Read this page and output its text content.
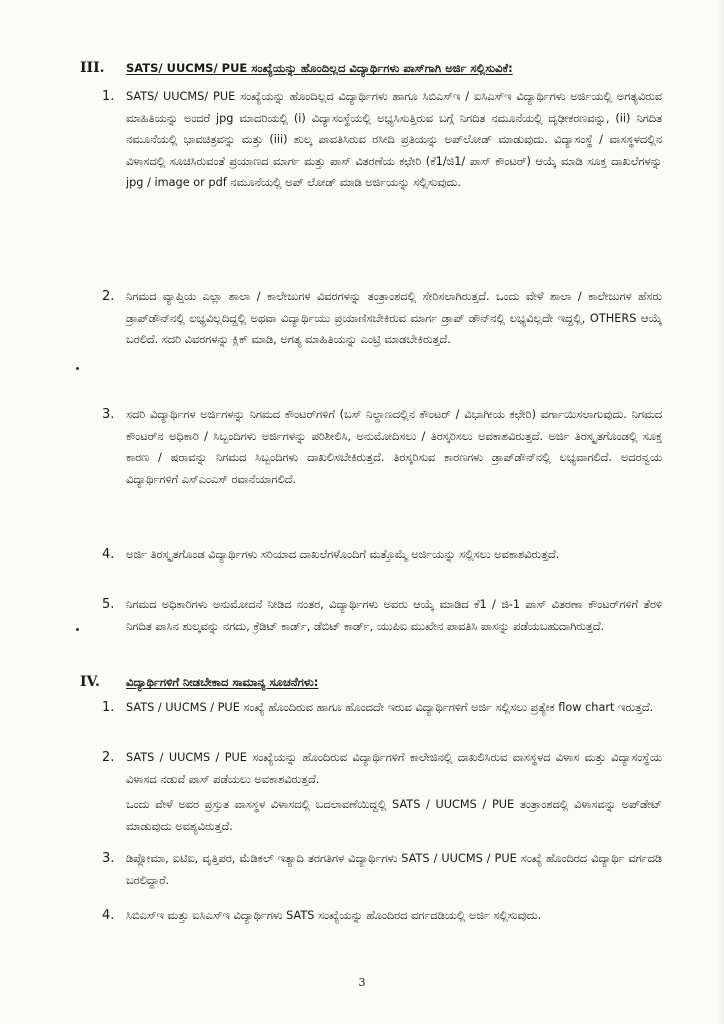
III.	SATS/ UUCMS/ PUE ಸಂಖ್ಯೆಯನ್ನು ಹೊಂದಿಲ್ಲದ ವಿದ್ಯಾರ್ಥಿಗಳು ಪಾಸ್‌ಗಾಗಿ ಅರ್ಜಿ ಸಲ್ಲಿಸುವಿಕೆ:
1.	SATS/ UUCMS/ PUE ಸಂಖ್ಯೆಯನ್ನು ಹೊಂದಿಲ್ಲದ ವಿದ್ಯಾರ್ಥಿಗಳು ಹಾಗೂ ಸಿಬಿಎಸ್‌ಇ / ಐಸಿಎಸ್‌ಇ ವಿದ್ಯಾರ್ಥಿಗಳು ಅರ್ಜಿಯಲ್ಲಿ ಅಗತ್ಯವಿರುವ ಮಾಹಿತಿಯನ್ನು ಅಂದರೆ jpg ಮಾದರಿಯಲ್ಲಿ (i) ವಿದ್ಯಾಸಂಸ್ಥೆಯಲ್ಲಿ ಅಭ್ಯಸಿಸುತ್ತಿರುವ ಬಗ್ಗೆ ನಿಗದಿತ ನಮೂನೆಯಲ್ಲಿ ದೃಢೀಕರಣವನ್ನು, (ii) ನಿಗದಿತ ನಮೂನೆಯಲ್ಲಿ ಭಾವಚಿತ್ರವನ್ನು ಮತ್ತು (iii) ಶುಲ್ಕ ಪಾವತಿಸಿರುವ ರಸೀದಿ ಪ್ರತಿಯನ್ನು ಅಪ್‌ಲೋಡ್ ಮಾಡುವುದು. ವಿದ್ಯಾಸಂಸ್ಥೆ / ವಾಸಸ್ಥಳದಲ್ಲಿನ ವಿಳಾಸದಲ್ಲಿ ಸೂಚಿಸಿರುವಂತೆ ಪ್ರಯಾಣದ ಮಾರ್ಗ ಮತ್ತು ಪಾಸ್ ವಿತರಣೆಯ ಕಛೇರಿ (ಕೆ1/ಜಿ1/ ಪಾಸ್ ಕೌಂಟರ್) ಆಯ್ಕೆ ಮಾಡಿ ಸೂಕ್ತ ದಾಖಲೆಗಳನ್ನು jpg / image or pdf ನಮೂನೆಯಲ್ಲಿ ಅಪ್ ಲೋಡ್ ಮಾಡಿ ಅರ್ಜಿಯನ್ನು ಸಲ್ಲಿಸುವುದು.

2.	ನಿಗಮದ ವ್ಯಾಪ್ತಿಯ ಎಲ್ಲಾ ಶಾಲಾ / ಕಾಲೇಜುಗಳ ವಿವರಗಳನ್ನು ತಂತ್ರಾಂಶದಲ್ಲಿ ಸೇರಿಸಲಾಗಿರುತ್ತದೆ. ಒಂದು ವೇಳೆ ಶಾಲಾ / ಕಾಲೇಜುಗಳ ಹೆಸರು ಡ್ರಾಪ್‌ಡೌನ್‌ನಲ್ಲಿ ಲಭ್ಯವಿಲ್ಲದಿದ್ದಲ್ಲಿ ಅಥವಾ ವಿದ್ಯಾರ್ಥಿಯು ಪ್ರಯಾಣಿಸಬೇಕಿರುವ ಮಾರ್ಗ ಡ್ರಾಪ್ ಡೌನ್‌ನಲ್ಲಿ ಲಭ್ಯವಿಲ್ಲದೇ ಇದ್ದಲ್ಲಿ, OTHERS ಆಯ್ಕೆ ಬರಲಿದೆ. ಸದರಿ ವಿವರಗಳನ್ನು ಕ್ಲಿಕ್ ಮಾಡಿ, ಅಗತ್ಯ ಮಾಹಿತಿಯನ್ನು ಎಂಟ್ರಿ ಮಾಡಬೇಕಿರುತ್ತದೆ.

3.	ಸದರಿ ವಿದ್ಯಾರ್ಥಿಗಳ ಅರ್ಜಿಗಳನ್ನು ನಿಗಮದ ಕೌಂಟರ್‌ಗಳಿಗೆ (ಬಸ್ ನಿಲ್ದಾಣದಲ್ಲಿನ ಕೌಂಟರ್ / ವಿಭಾಗೀಯ ಕಛೇರಿ) ವರ್ಗಾಯಿಸಲಾಗುವುದು. ನಿಗಮದ ಕೌಂಟರ್‌ನ ಅಧಿಕಾರಿ / ಸಿಬ್ಬಂದಿಗಳು ಅರ್ಜಿಗಳನ್ನು ಪರಿಶೀಲಿಸಿ, ಅನುಮೋದಿಸಲು / ತಿರಸ್ಕರಿಸಲು ಅವಕಾಶವಿರುತ್ತದೆ. ಅರ್ಜಿ ತಿರಸ್ಕೃತಗೊಂಡಲ್ಲಿ ಸೂಕ್ತ ಕಾರಣ / ಷರಾವನ್ನು ನಿಗಮದ ಸಿಬ್ಬಂದಿಗಳು ದಾಖಲಿಸಬೇಕಿರುತ್ತದೆ. ತಿರಸ್ಕರಿಸುವ ಕಾರಣಗಳು ಡ್ರಾಪ್‌ಡೌನ್‌ನಲ್ಲಿ ಲಭ್ಯವಾಗಲಿದೆ. ಅದರನ್ವಯ ವಿದ್ಯಾರ್ಥಿಗಳಿಗೆ ಎಸ್‌ಎಂಎಸ್ ರವಾನೆಯಾಗಲಿದೆ.

4.	ಅರ್ಜಿ ತಿರಸ್ಕೃತಗೊಂಡ ವಿದ್ಯಾರ್ಥಿಗಳು ಸರಿಯಾದ ದಾಖಲೆಗಳೊಂದಿಗೆ ಮತ್ತೊಮ್ಮೆ ಅರ್ಜಿಯನ್ನು ಸಲ್ಲಿಸಲು ಅವಕಾಶವಿರುತ್ತದೆ.

5.	ನಿಗಮದ ಅಧಿಕಾರಿಗಳು ಅನುಮೋದನೆ ನೀಡಿದ ನಂತರ, ವಿದ್ಯಾರ್ಥಿಗಳು ಅವರು ಆಯ್ಕೆ ಮಾಡಿದ ಕೆ1 / ಜಿ-1 ಪಾಸ್ ವಿತರಣಾ ಕೌಂಟರ್‌ಗಳಿಗೆ ತೆರಳಿ ನಿಗದಿತ ಪಾಸಿನ ಶುಲ್ಕವನ್ನು ನಗದು, ಕ್ರೆಡಿಟ್ ಕಾರ್ಡ್, ಡೆಬಿಟ್ ಕಾರ್ಡ್, ಯುಪಿಐ ಮುಖೇನ ಪಾವತಿಸಿ ಪಾಸನ್ನು ಪಡೆಯಬಹುದಾಗಿರುತ್ತದೆ.

IV.	ವಿದ್ಯಾರ್ಥಿಗಳಿಗೆ ನೀಡಬೇಕಾದ ಸಾಮಾನ್ಯ ಸೂಚನೆಗಳು:
1.	SATS / UUCMS / PUE ಸಂಖ್ಯೆ ಹೊಂದಿರುವ ಹಾಗೂ ಹೊಂದದೇ ಇರುವ ವಿದ್ಯಾರ್ಥಿಗಳಿಗೆ ಅರ್ಜಿ ಸಲ್ಲಿಸಲು ಪ್ರತ್ಯೇಕ flow chart ಇರುತ್ತದೆ.

2.	SATS / UUCMS / PUE ಸಂಖ್ಯೆಯನ್ನು ಹೊಂದಿರುವ ವಿದ್ಯಾರ್ಥಿಗಳಿಗೆ ಕಾಲೇಜಿನಲ್ಲಿ ದಾಖಲಿಸಿರುವ ವಾಸಸ್ಥಳದ ವಿಳಾಸ ಮತ್ತು ವಿದ್ಯಾಸಂಸ್ಥೆಯ ವಿಳಾಸದ ನಡುವೆ ಪಾಸ್ ಪಡೆಯಲು ಅವಕಾಶವಿರುತ್ತದೆ.

ಒಂದು ವೇಳೆ ಅವರ ಪ್ರಸ್ತುತ ವಾಸಸ್ಥಳ ವಿಳಾಸದಲ್ಲಿ ಬದಲಾವಣೆಯಿದ್ದಲ್ಲಿ SATS / UUCMS / PUE ತಂತ್ರಾಂಶದಲ್ಲಿ ವಿಳಾಸವನ್ನು ಅಪ್‌ಡೇಟ್ ಮಾಡುವುದು ಅವಶ್ಯವಿರುತ್ತದೆ.

3.	ಡಿಪ್ಲೋಮಾ, ಐಟಿಐ, ವೃತ್ತಿಪರ, ಮೆಡಿಕಲ್ ಇತ್ಯಾದಿ ತರಗತಿಗಳ ವಿದ್ಯಾರ್ಥಿಗಳು SATS / UUCMS / PUE ಸಂಖ್ಯೆ ಹೊಂದಿರದ ವಿದ್ಯಾರ್ಥಿ ವರ್ಗದಡಿ ಬರಲಿದ್ದಾರೆ.

4.	ಸಿಬಿಎಸ್‌ಇ ಮತ್ತು ಐಸಿಎಸ್‌ಇ ವಿದ್ಯಾರ್ಥಿಗಳು SATS ಸಂಖ್ಯೆಯನ್ನು ಹೊಂದಿರದ ವರ್ಗದಡಿಯಲ್ಲಿ ಅರ್ಜಿ ಸಲ್ಲಿಸುವುದು.

3
